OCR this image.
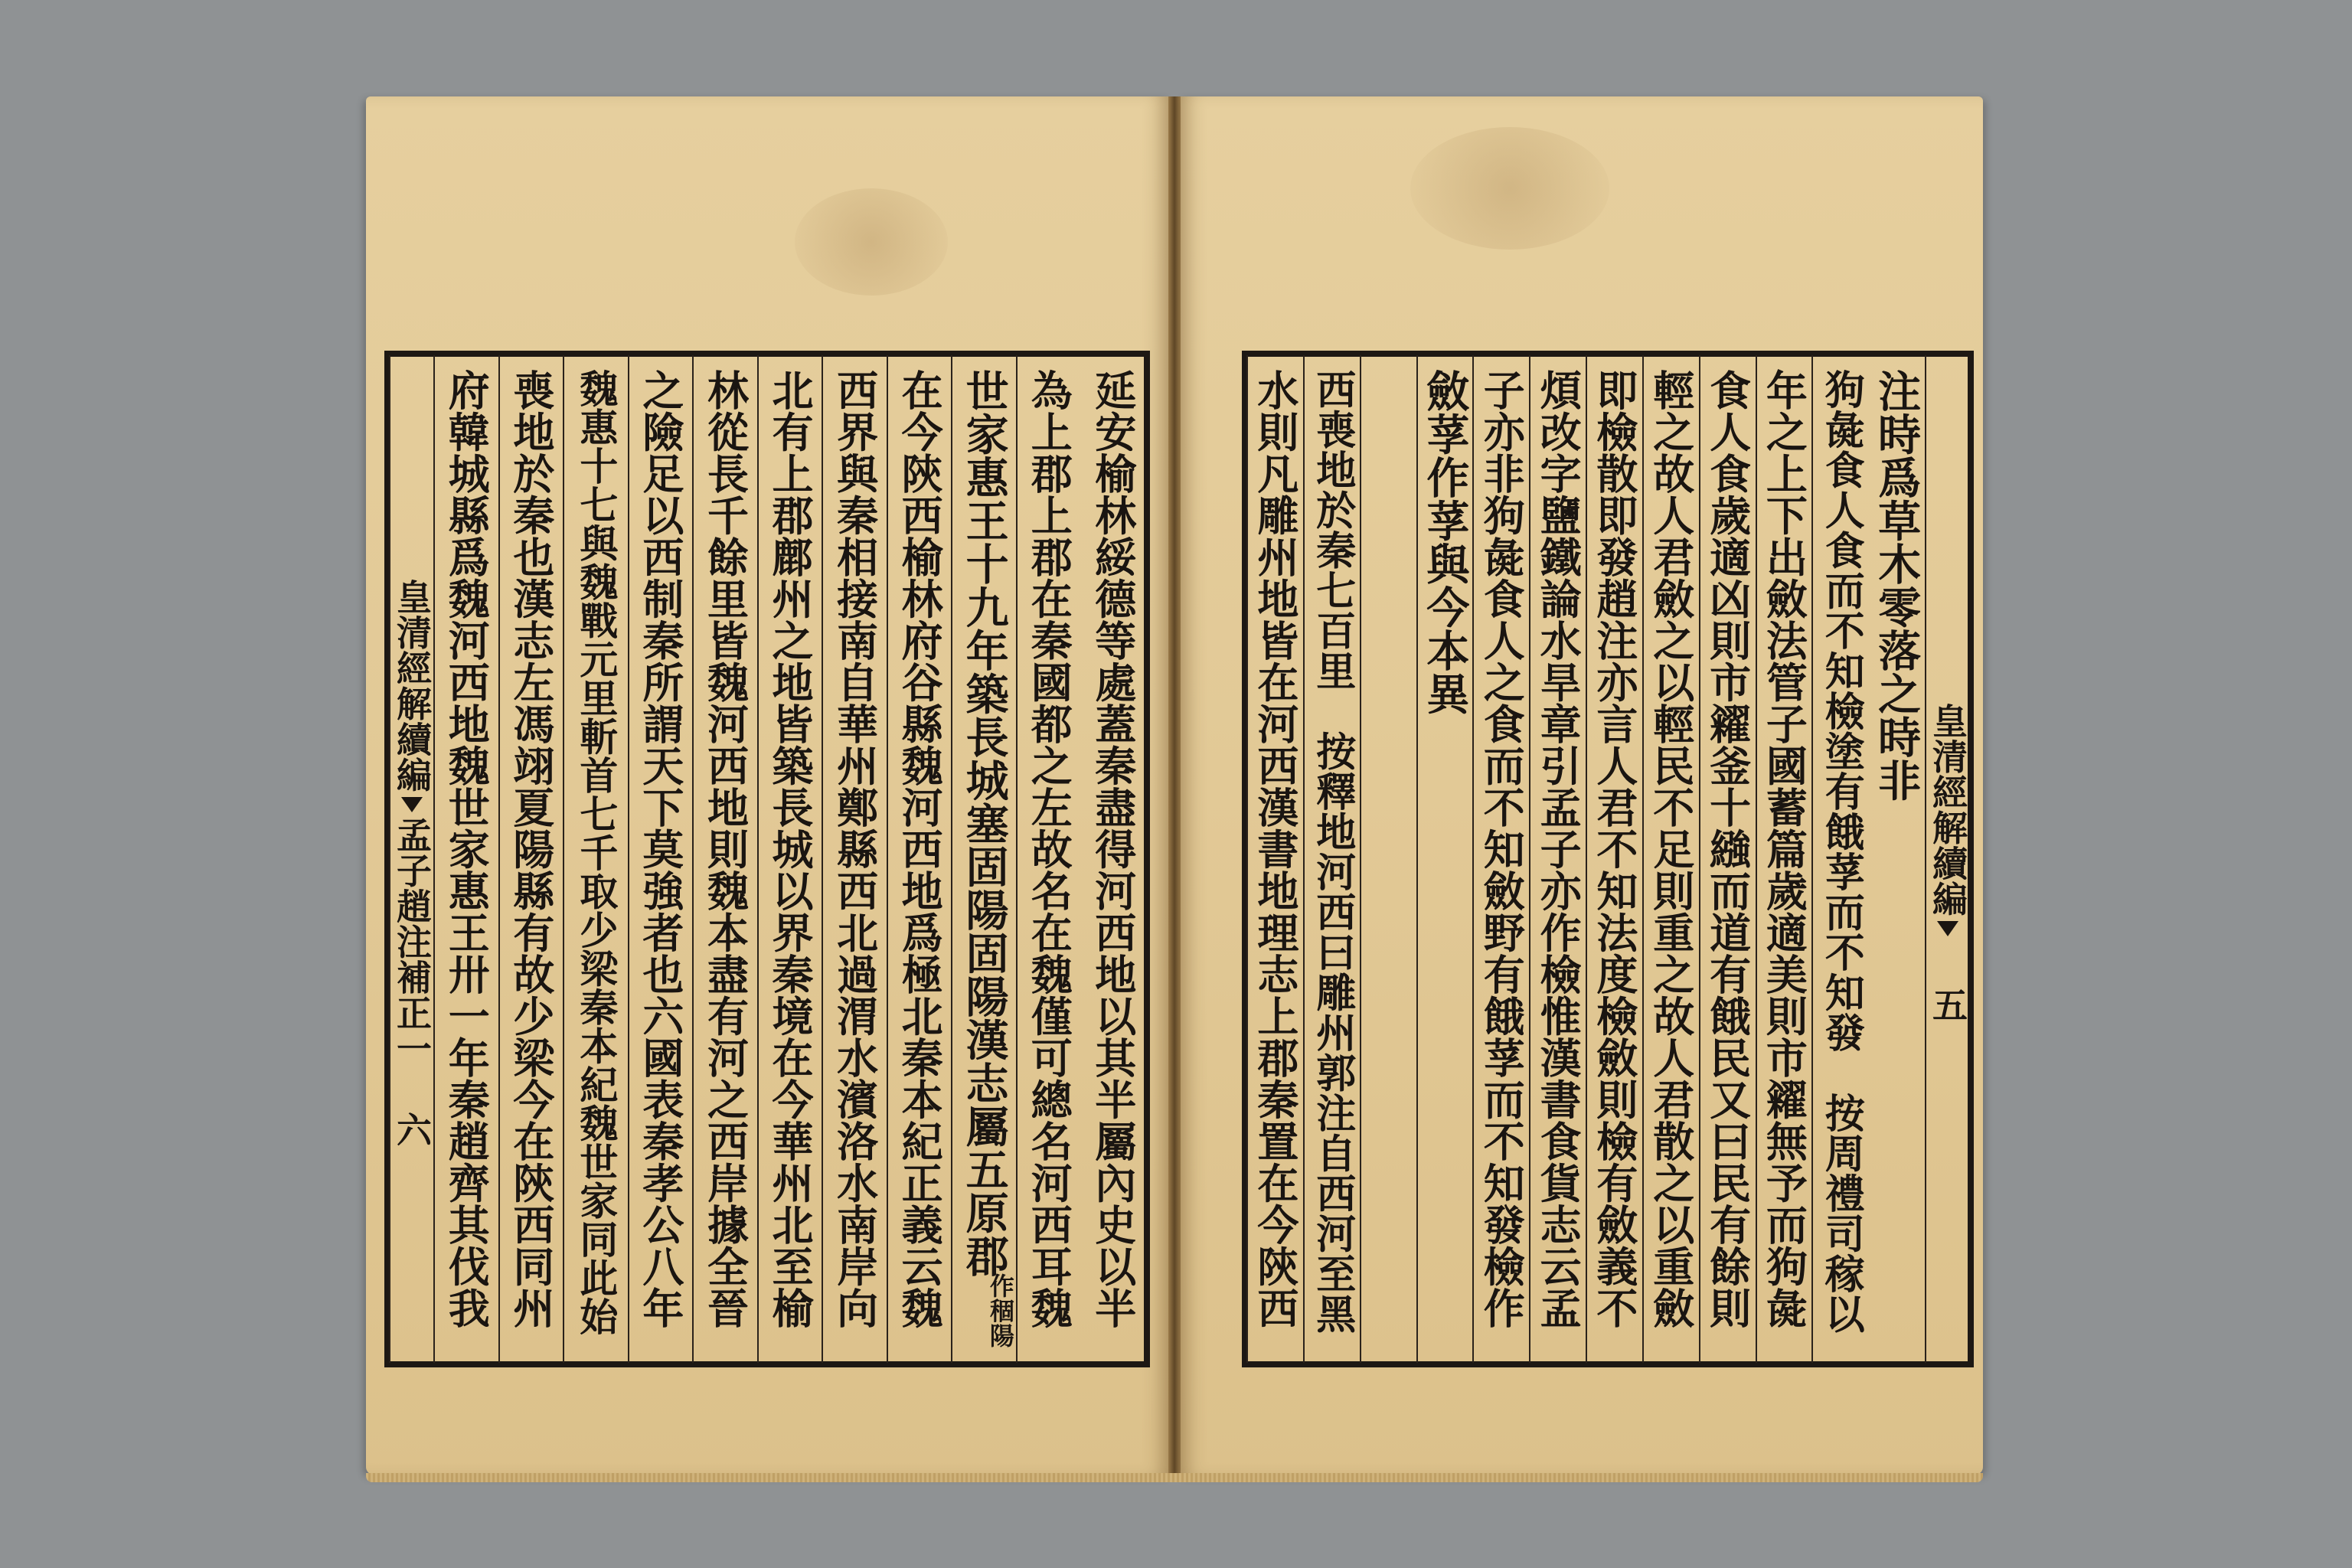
延安榆林綏德等處蓋秦盡得河西地以其半屬內史以半
為上郡上郡在秦國都之左故名在魏僅可總名河西耳魏
世家惠王十九年築長城塞固陽固陽漢志屬五原郡
作稒陽
在今陝西榆林府谷縣魏河西地爲極北秦本紀正義云魏
西界與秦相接南自華州鄭縣西北過渭水濱洛水南岸向
北有上郡鄜州之地皆築長城以界秦境在今華州北至榆
林從長千餘里皆魏河西地則魏本盡有河之西岸據全晉
之險足以西制秦所謂天下莫強者也六國表秦孝公八年
魏惠十七與魏戰元里斬首七千取少梁秦本紀魏世家同此始
喪地於秦也漢志左馮翊夏陽縣有故少梁今在陝西同州
府韓城縣爲魏河西地魏世家惠王卅一年秦趙齊其伐我
皇清經解續編
孟子趙注補正一
六
注時爲草木零落之時非
狗彘食人食而不知檢塗有餓莩而不知發　按周禮司稼以
年之上下出斂法管子國蓄篇歲適美則市糴無予而狗彘
食人食歲適凶則市糴釜十繈而道有餓民又曰民有餘則
輕之故人君斂之以輕民不足則重之故人君散之以重斂
即檢散即發趙注亦言人君不知法度檢斂則檢有斂義不
煩改字鹽鐵論水旱章引孟子亦作檢惟漢書食貨志云孟
子亦非狗彘食人之食而不知斂野有餓莩而不知發檢作
斂莩作莩與今本異
西喪地於秦七百里　按釋地河西曰雕州郭注自西河至黑
水則凡雕州地皆在河西漢書地理志上郡秦置在今陝西	皇清經解續編
五
